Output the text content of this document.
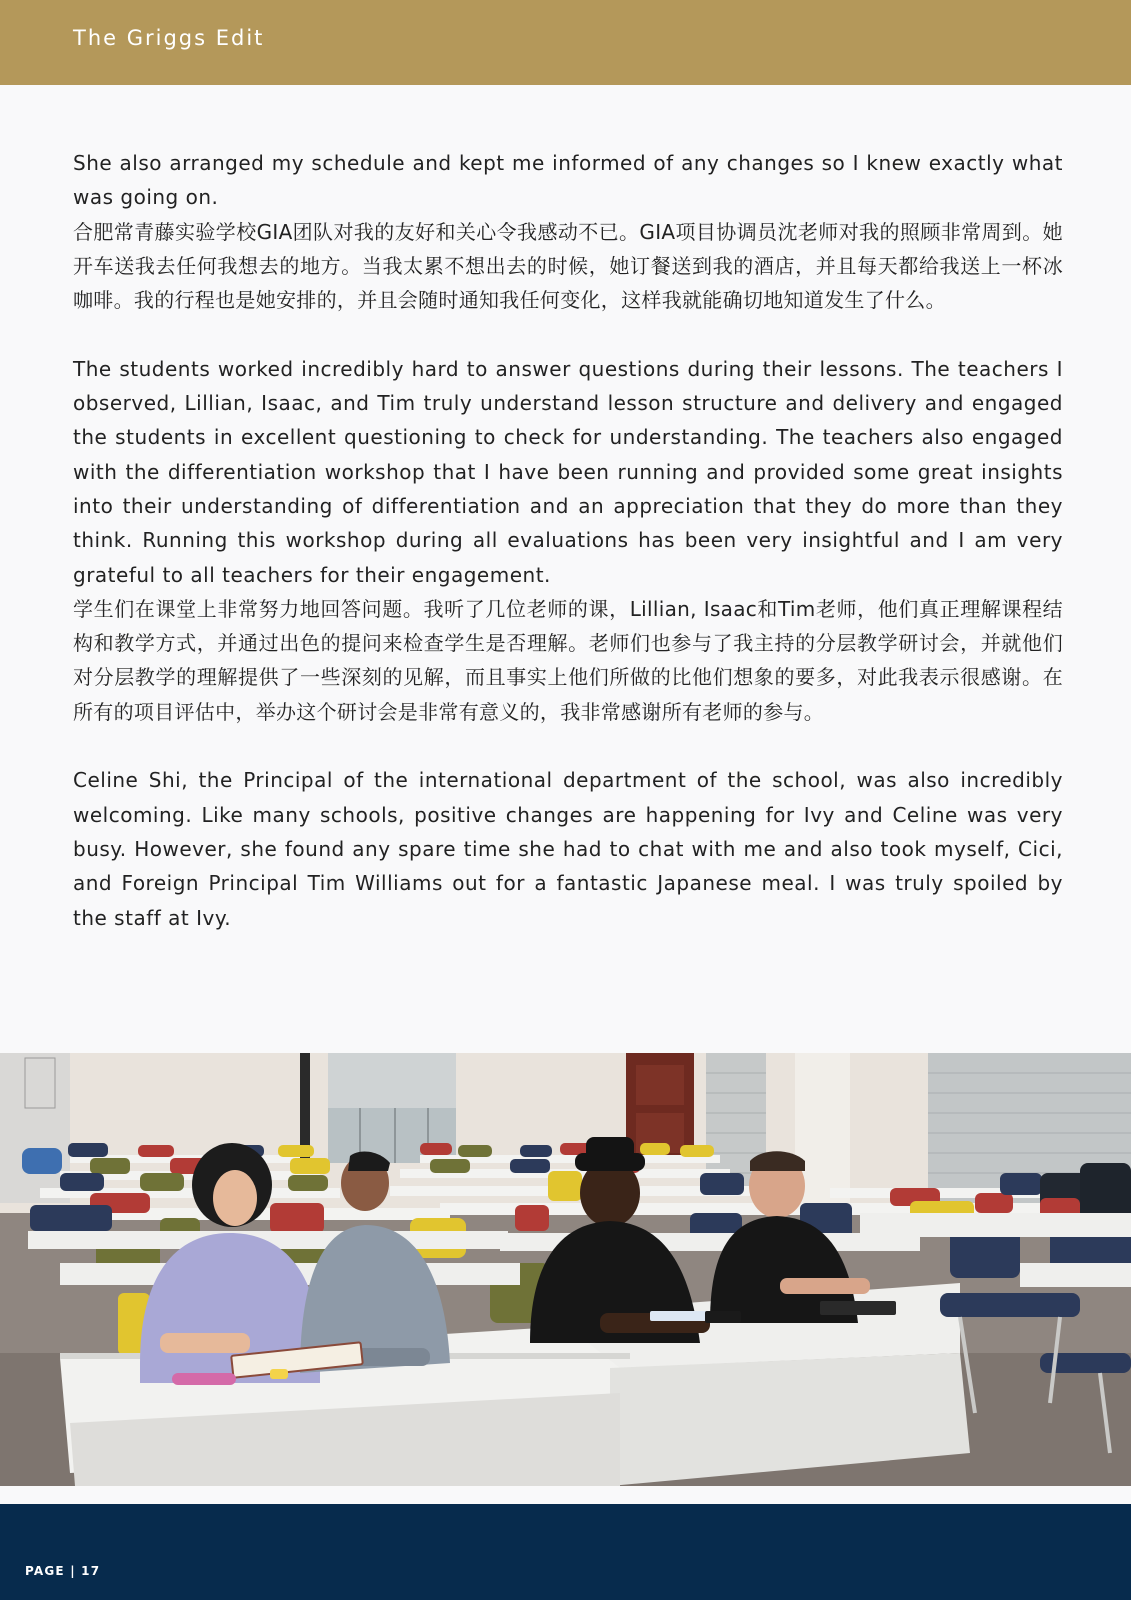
The Griggs Edit

She also arranged my schedule and kept me informed of any changes so I knew exactly what was going on.

合肥常青藤实验学校GIA团队对我的友好和关心令我感动不已。GIA项目协调员沈老师对我的照顾非常周到。她开车送我去任何我想去的地方。当我太累不想出去的时候，她订餐送到我的酒店，并且每天都给我送上一杯冰咖啡。我的行程也是她安排的，并且会随时通知我任何变化，这样我就能确切地知道发生了什么。

The students worked incredibly hard to answer questions during their lessons. The teachers I observed, Lillian, Isaac, and Tim truly understand lesson structure and delivery and engaged the students in excellent questioning to check for understanding. The teachers also engaged with the differentiation workshop that I have been running and provided some great insights into their understanding of differentiation and an appreciation that they do more than they think. Running this workshop during all evaluations has been very insightful and I am very grateful to all teachers for their engagement.

学生们在课堂上非常努力地回答问题。我听了几位老师的课，Lillian, Isaac和Tim老师，他们真正理解课程结构和教学方式，并通过出色的提问来检查学生是否理解。老师们也参与了我主持的分层教学研讨会，并就他们对分层教学的理解提供了一些深刻的见解，而且事实上他们所做的比他们想象的要多，对此我表示很感谢。在所有的项目评估中，举办这个研讨会是非常有意义的，我非常感谢所有老师的参与。

Celine Shi, the Principal of the international department of the school, was also incredibly welcoming. Like many schools, positive changes are happening for Ivy and Celine was very busy. However, she found any spare time she had to chat with me and also took myself, Cici, and Foreign Principal Tim Williams out for a fantastic Japanese meal. I was truly spoiled by the staff at Ivy.

PAGE | 17
